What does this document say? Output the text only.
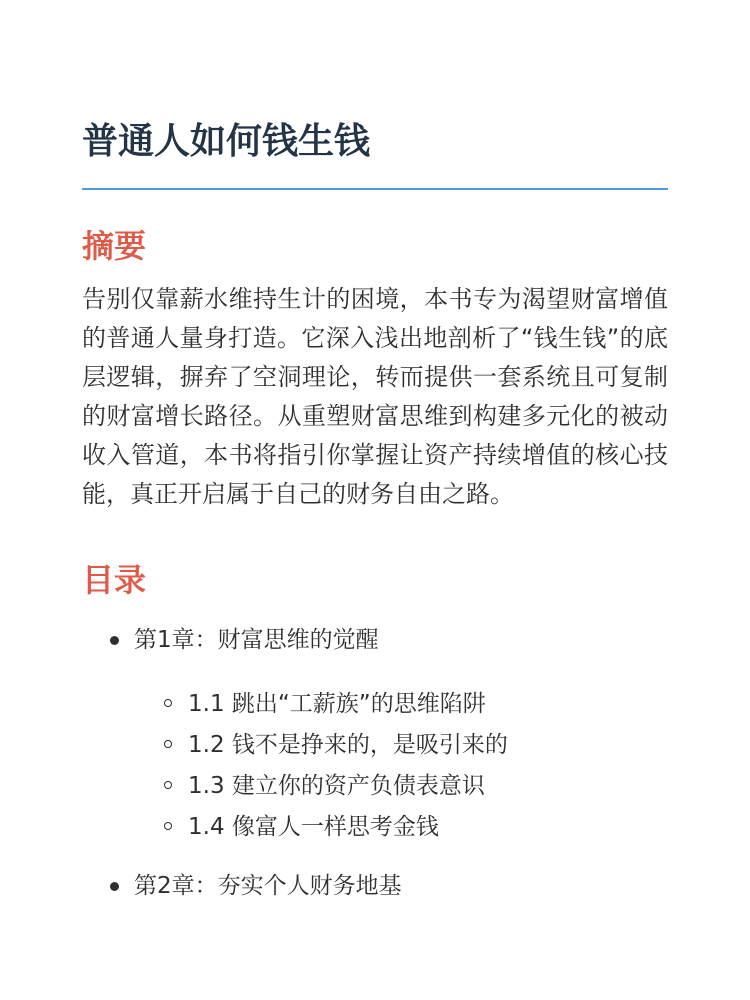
普通人如何钱生钱
摘要

告别仅靠薪水维持生计的困境，本书专为渴望财富增值的普通人量身打造。它深入浅出地剖析了“钱生钱”的底层逻辑，摒弃了空洞理论，转而提供一套系统且可复制的财富增长路径。从重塑财富思维到构建多元化的被动收入管道，本书将指引你掌握让资产持续增值的核心技能，真正开启属于自己的财务自由之路。

目录
第1章：财富思维的觉醒
1.1 跳出“工薪族”的思维陷阱
1.2 钱不是挣来的，是吸引来的
1.3 建立你的资产负债表意识
1.4 像富人一样思考金钱
第2章：夯实个人财务地基
